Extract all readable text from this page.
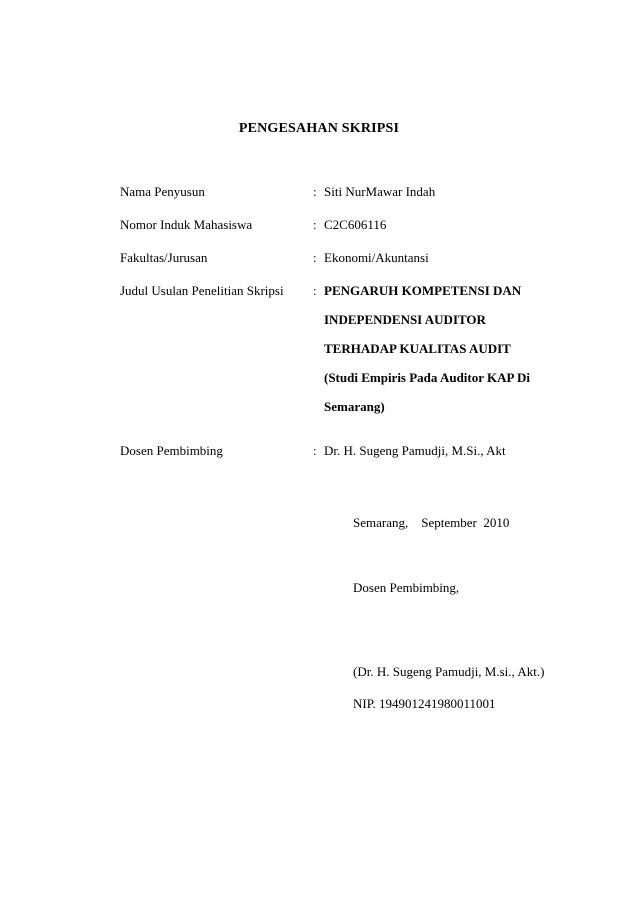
PENGESAHAN SKRIPSI
Nama Penyusun	: Siti NurMawar Indah
Nomor Induk Mahasiswa	: C2C606116
Fakultas/Jurusan	: Ekonomi/Akuntansi
Judul Usulan Penelitian Skripsi : PENGARUH KOMPETENSI DAN
INDEPENDENSI AUDITOR
TERHADAP KUALITAS AUDIT
(Studi Empiris Pada Auditor KAP Di
Semarang)
Dosen Pembimbing	: Dr. H. Sugeng Pamudji, M.Si., Akt
Semarang,    September  2010
Dosen Pembimbing,
(Dr. H. Sugeng Pamudji, M.si., Akt.)
NIP. 194901241980011001
